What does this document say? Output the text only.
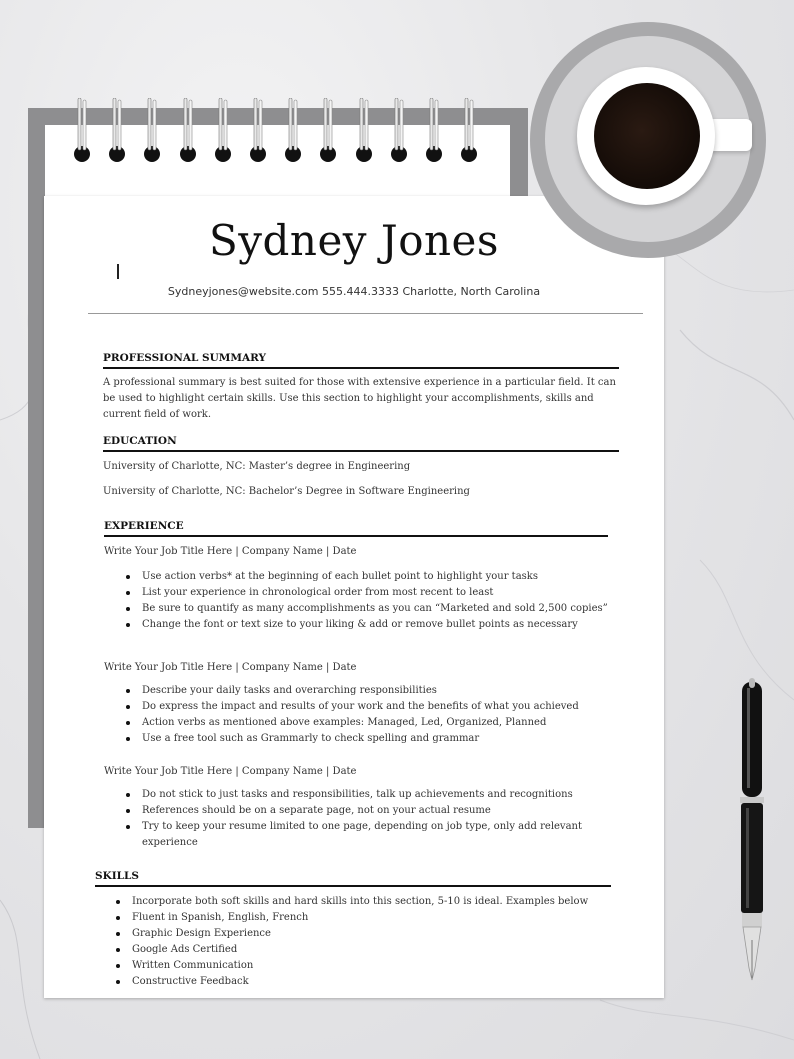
Sydney Jones
Sydneyjones@website.com 555.444.3333 Charlotte, North Carolina
PROFESSIONAL SUMMARY
A professional summary is best suited for those with extensive experience in a particular field. It can be used to highlight certain skills. Use this section to highlight your accomplishments, skills and current field of work.
EDUCATION
University of Charlotte, NC: Master’s degree in Engineering
University of Charlotte, NC: Bachelor’s Degree in Software Engineering
EXPERIENCE
Write Your Job Title Here | Company Name | Date
Use action verbs* at the beginning of each bullet point to highlight your tasks
List your experience in chronological order from most recent to least
Be sure to quantify as many accomplishments as you can “Marketed and sold 2,500 copies”
Change the font or text size to your liking & add or remove bullet points as necessary
Write Your Job Title Here | Company Name | Date
Describe your daily tasks and overarching responsibilities
Do express the impact and results of your work and the benefits of what you achieved
Action verbs as mentioned above examples: Managed, Led, Organized, Planned
Use a free tool such as Grammarly to check spelling and grammar
Write Your Job Title Here | Company Name | Date
Do not stick to just tasks and responsibilities, talk up achievements and recognitions
References should be on a separate page, not on your actual resume
Try to keep your resume limited to one page, depending on job type, only add relevant experience
SKILLS
Incorporate both soft skills and hard skills into this section, 5-10 is ideal. Examples below
Fluent in Spanish, English, French
Graphic Design Experience
Google Ads Certified
Written Communication
Constructive Feedback
